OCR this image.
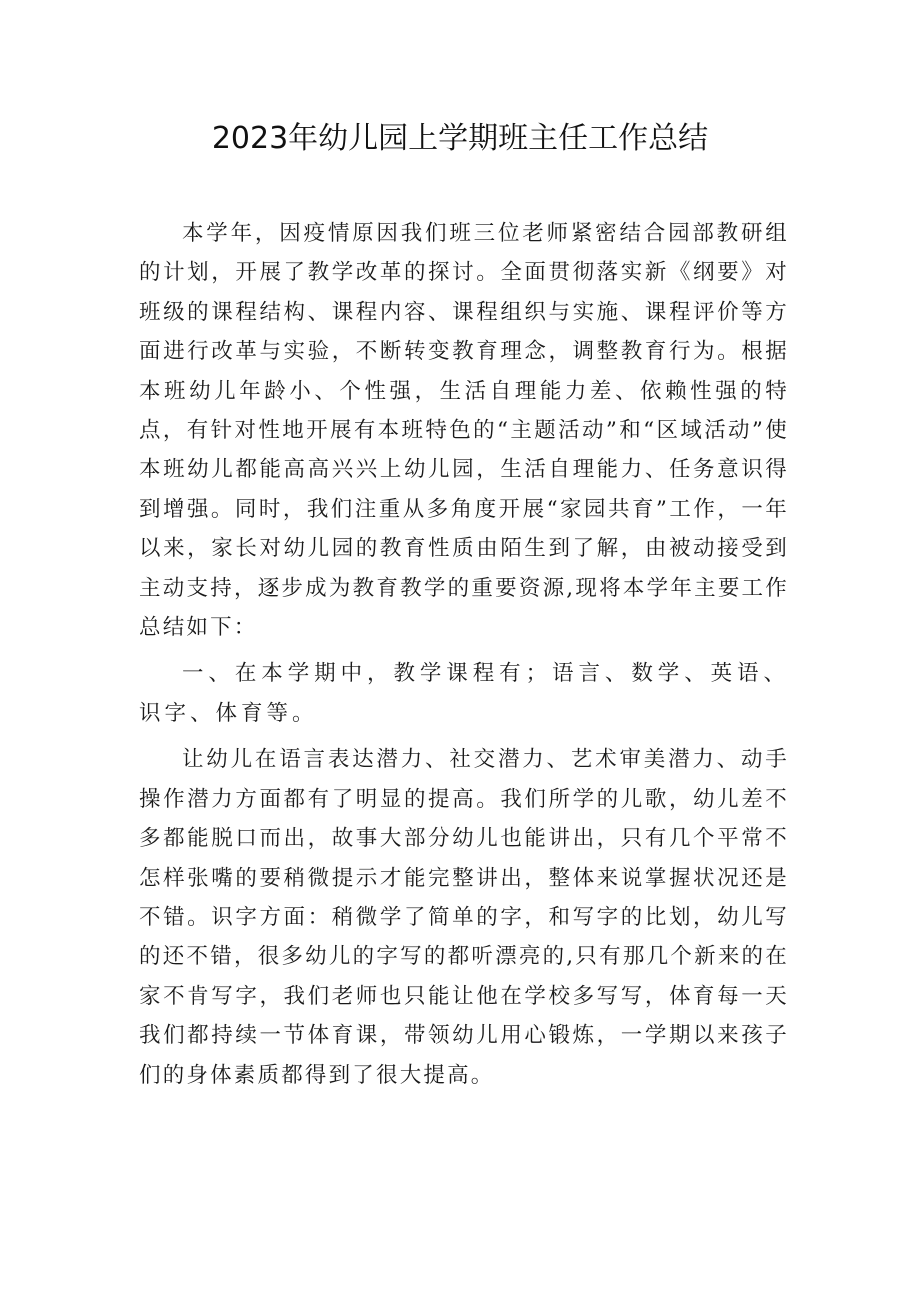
2023年幼儿园上学期班主任工作总结

本学年，因疫情原因我们班三位老师紧密结合园部教研组的计划，开展了教学改革的探讨。全面贯彻落实新《纲要》对班级的课程结构、课程内容、课程组织与实施、课程评价等方面进行改革与实验，不断转变教育理念，调整教育行为。根据本班幼儿年龄小、个性强，生活自理能力差、依赖性强的特点，有针对性地开展有本班特色的“主题活动”和“区域活动”使本班幼儿都能高高兴兴上幼儿园，生活自理能力、任务意识得到增强。同时，我们注重从多角度开展“家园共育”工作，一年以来，家长对幼儿园的教育性质由陌生到了解，由被动接受到主动支持，逐步成为教育教学的重要资源,现将本学年主要工作总结如下：

一、在本学期中，教学课程有；语言、数学、英语、识字、体育等。

让幼儿在语言表达潜力、社交潜力、艺术审美潜力、动手操作潜力方面都有了明显的提高。我们所学的儿歌，幼儿差不多都能脱口而出，故事大部分幼儿也能讲出，只有几个平常不怎样张嘴的要稍微提示才能完整讲出，整体来说掌握状况还是不错。识字方面：稍微学了简单的字，和写字的比划，幼儿写的还不错，很多幼儿的字写的都听漂亮的,只有那几个新来的在家不肯写字，我们老师也只能让他在学校多写写，体育每一天我们都持续一节体育课，带领幼儿用心锻炼，一学期以来孩子们的身体素质都得到了很大提高。
